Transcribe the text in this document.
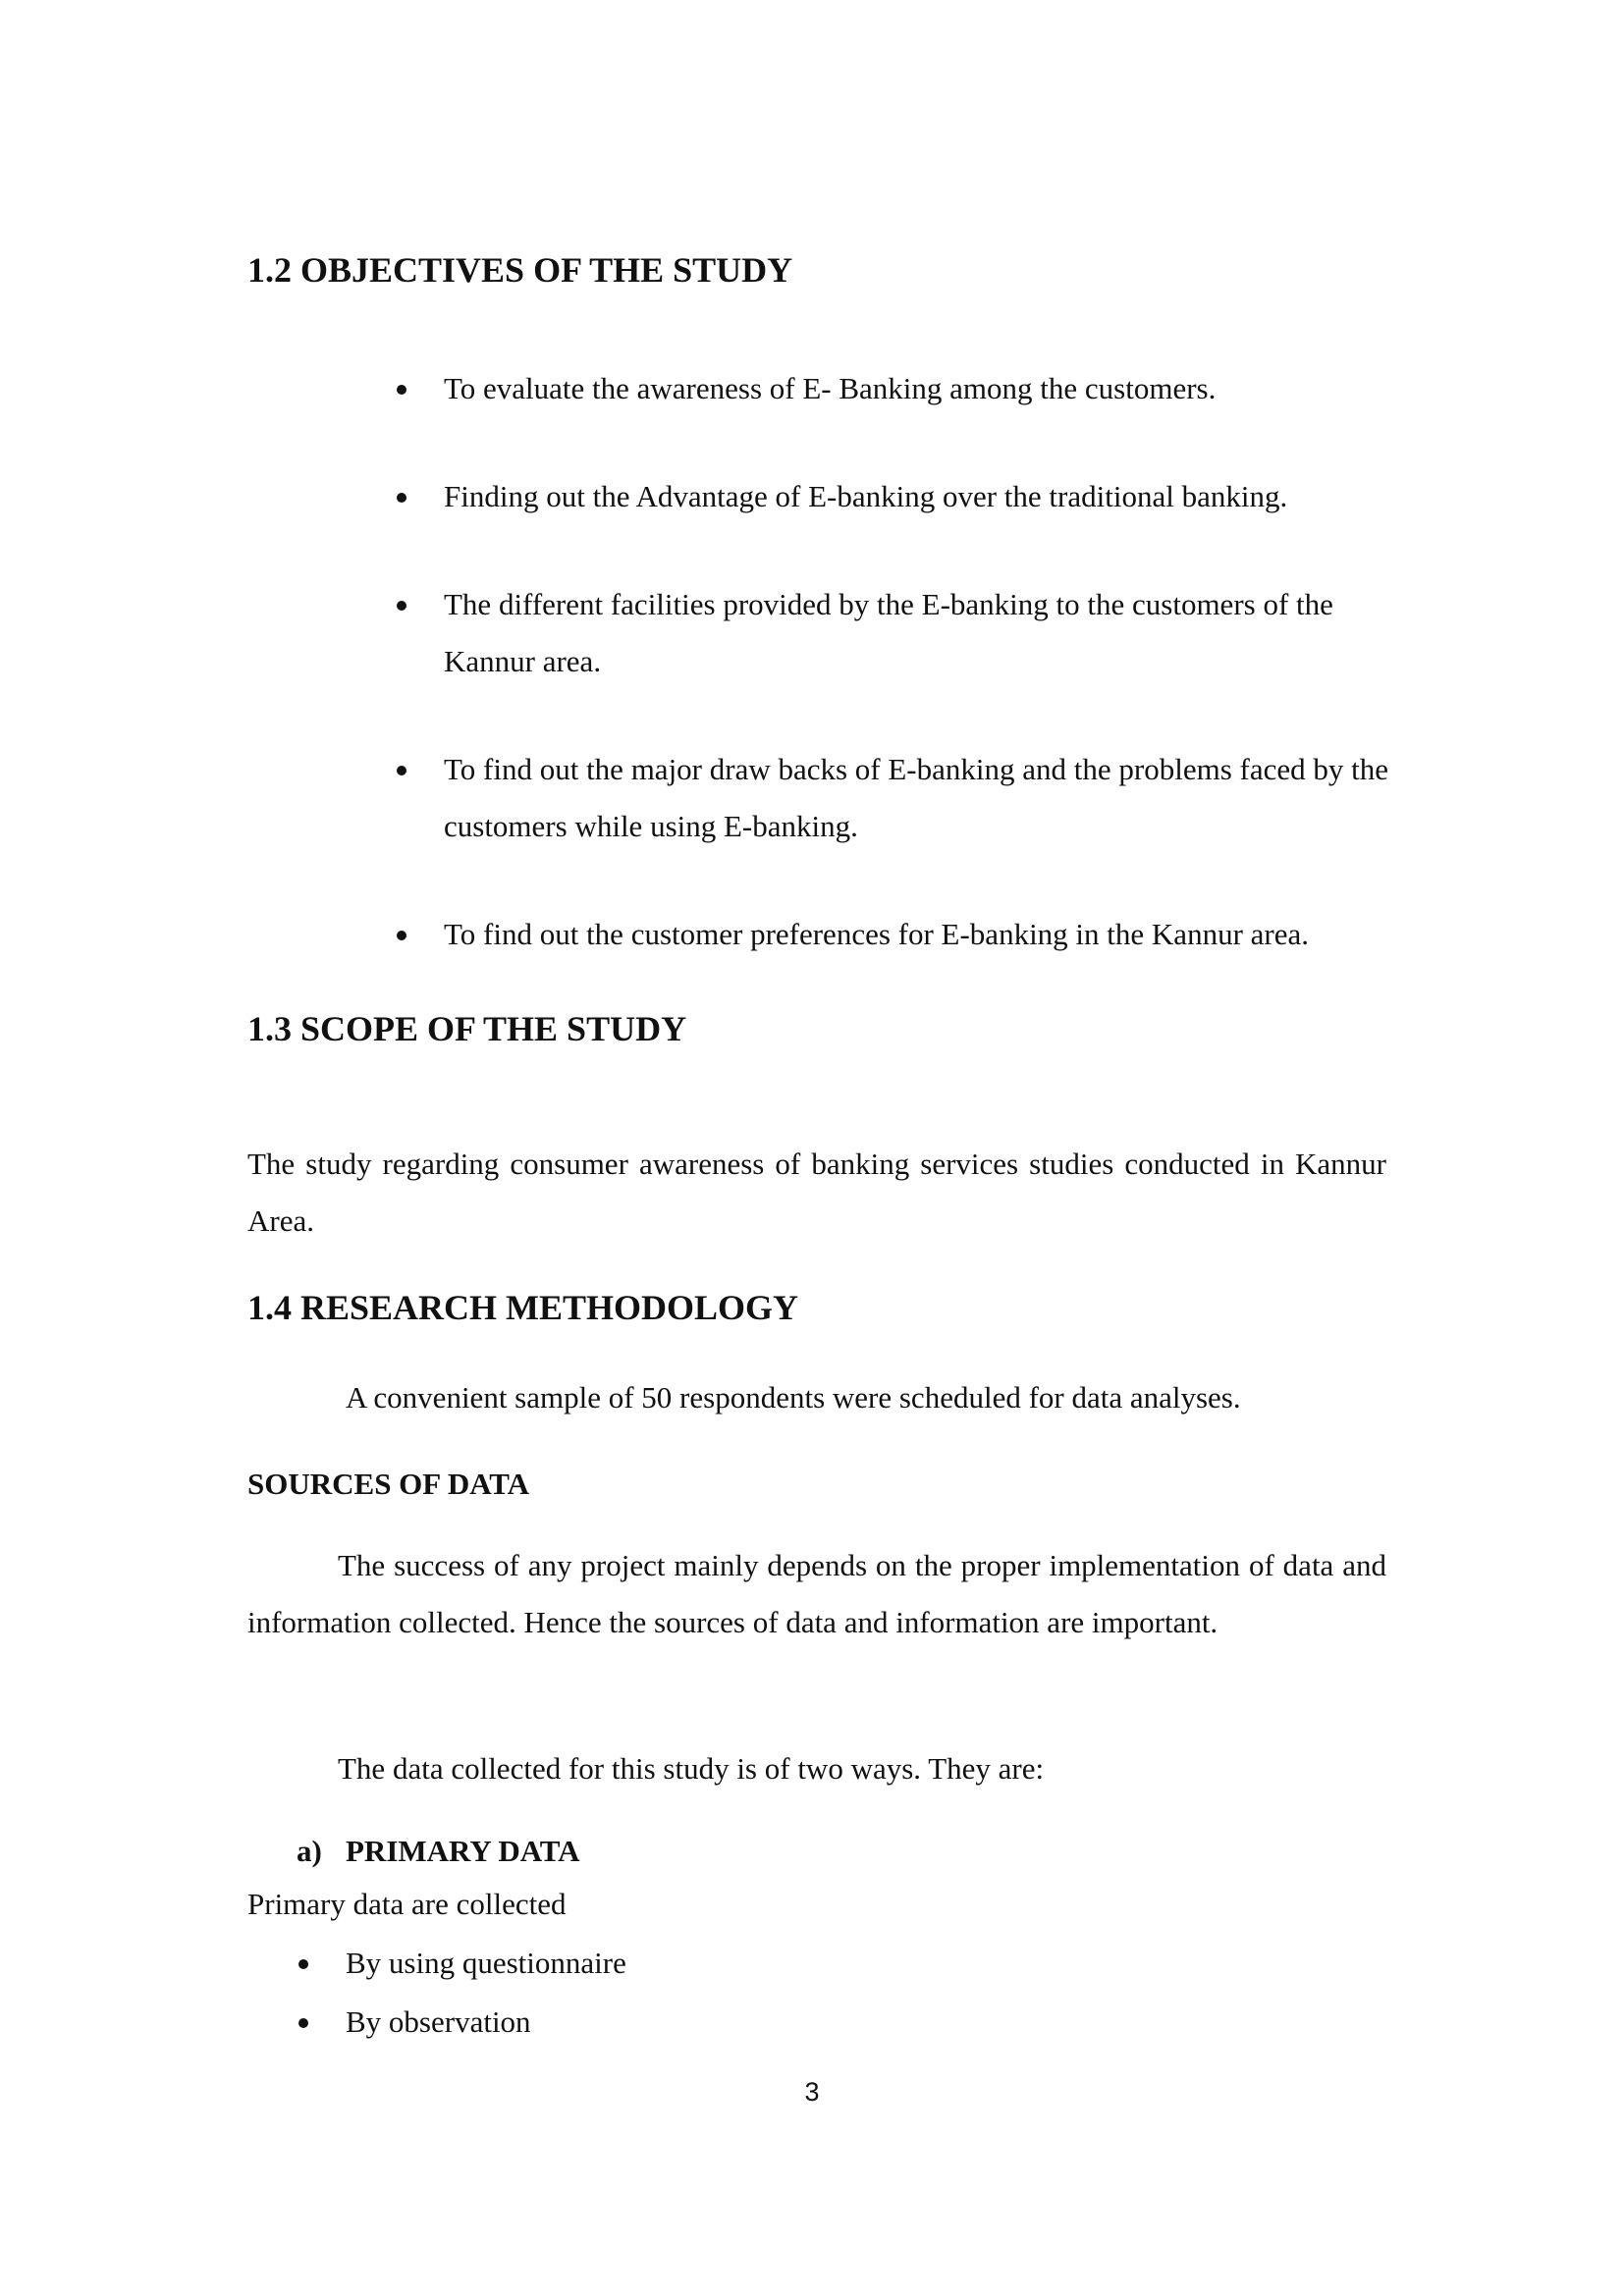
1.2 OBJECTIVES OF THE STUDY
To evaluate the awareness of E- Banking among the customers.
Finding out the Advantage of E-banking over the traditional banking.
The different facilities provided by the E-banking to the customers of the Kannur area.
To find out the major draw backs of E-banking and the problems faced by the customers while using E-banking.
To find out the customer preferences for E-banking in the Kannur area.
1.3 SCOPE OF THE STUDY

The study regarding consumer awareness of banking services studies conducted in Kannur Area.

1.4 RESEARCH METHODOLOGY

A convenient sample of 50 respondents were scheduled for data analyses.

SOURCES OF DATA

The success of any project mainly depends on the proper implementation of data and information collected. Hence the sources of data and information are important.

The data collected for this study is of two ways. They are:

a) PRIMARY DATA

Primary data are collected

By using questionnaire
By observation
3
